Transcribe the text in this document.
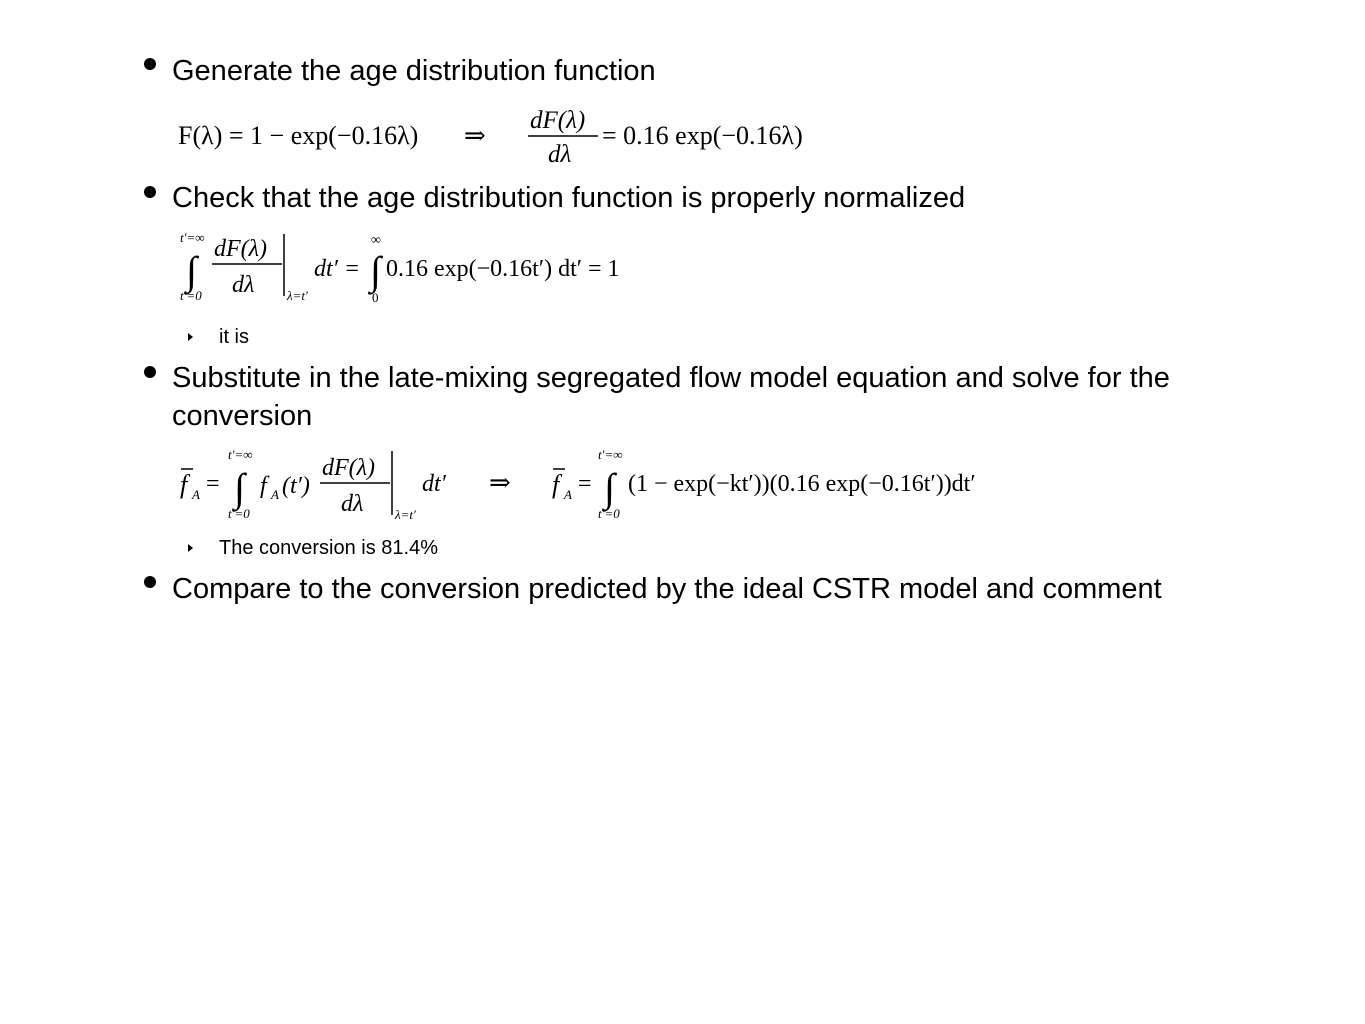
Generate the age distribution function

F(λ) = 1 − exp(−0.16λ) ⇒
dF(λ)
dλ
= 0.16 exp(−0.16λ)

Check that the age distribution function is properly normalized

t′=∞
∫
t′=0
dF(λ)
dλ	λ=t′
dt′ =
∞
∫
0
0.16 exp(−0.16t′) dt′ = 1
it is

Substitute in the late-mixing segregated flow model equation and solve for the conversion

f A =
t′=∞
∫
t′=0
f A (t′)
dF(λ)
dλ λ=t′
dt′ ⇒ f A =
t′=∞
∫
t′=0
(1 − exp(−kt′))(0.16 exp(−0.16t′))dt′
The conversion is 81.4%

Compare to the conversion predicted by the ideal CSTR model and comment
